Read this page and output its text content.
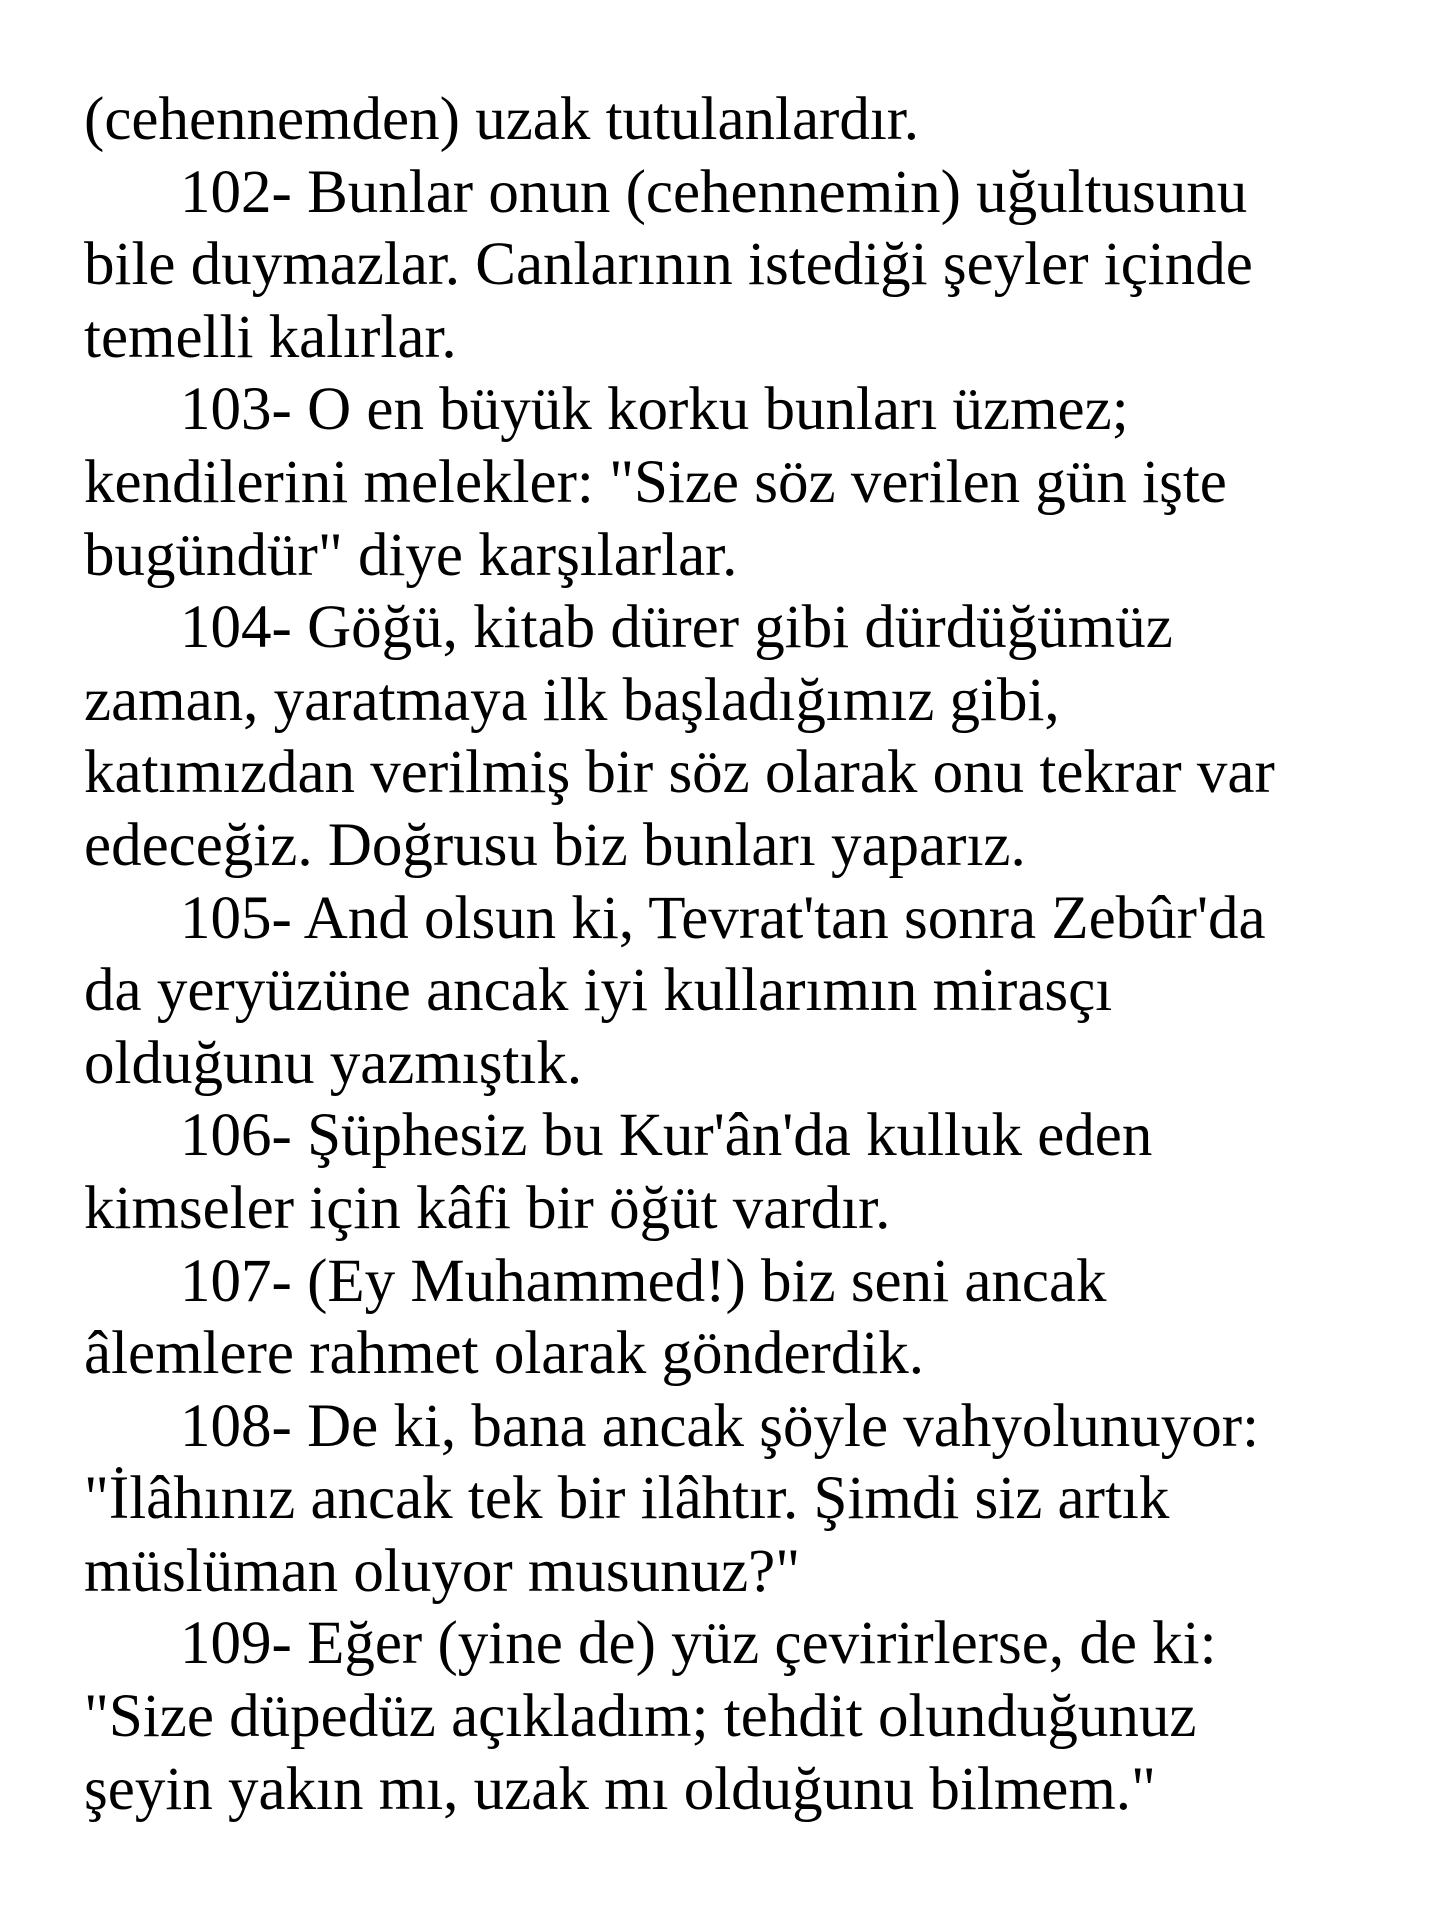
(cehennemden) uzak tutulanlardır.

102- Bunlar onun (cehennemin) uğultusunu

bile duymazlar. Canlarının istediği şeyler içinde

temelli kalırlar.

103- O en büyük korku bunları üzmez;

kendilerini melekler: "Size söz verilen gün işte

bugündür" diye karşılarlar.

104- Göğü, kitab dürer gibi dürdüğümüz

zaman, yaratmaya ilk başladığımız gibi,

katımızdan verilmiş bir söz olarak onu tekrar var

edeceğiz. Doğrusu biz bunları yaparız.

105- And olsun ki, Tevrat'tan sonra Zebûr'da

da yeryüzüne ancak iyi kullarımın mirasçı

olduğunu yazmıştık.

106- Şüphesiz bu Kur'ân'da kulluk eden

kimseler için kâfi bir öğüt vardır.

107- (Ey Muhammed!) biz seni ancak

âlemlere rahmet olarak gönderdik.

108- De ki, bana ancak şöyle vahyolunuyor:

"İlâhınız ancak tek bir ilâhtır. Şimdi siz artık

müslüman oluyor musunuz?"

109- Eğer (yine de) yüz çevirirlerse, de ki:

"Size düpedüz açıkladım; tehdit olunduğunuz

şeyin yakın mı, uzak mı olduğunu bilmem."
